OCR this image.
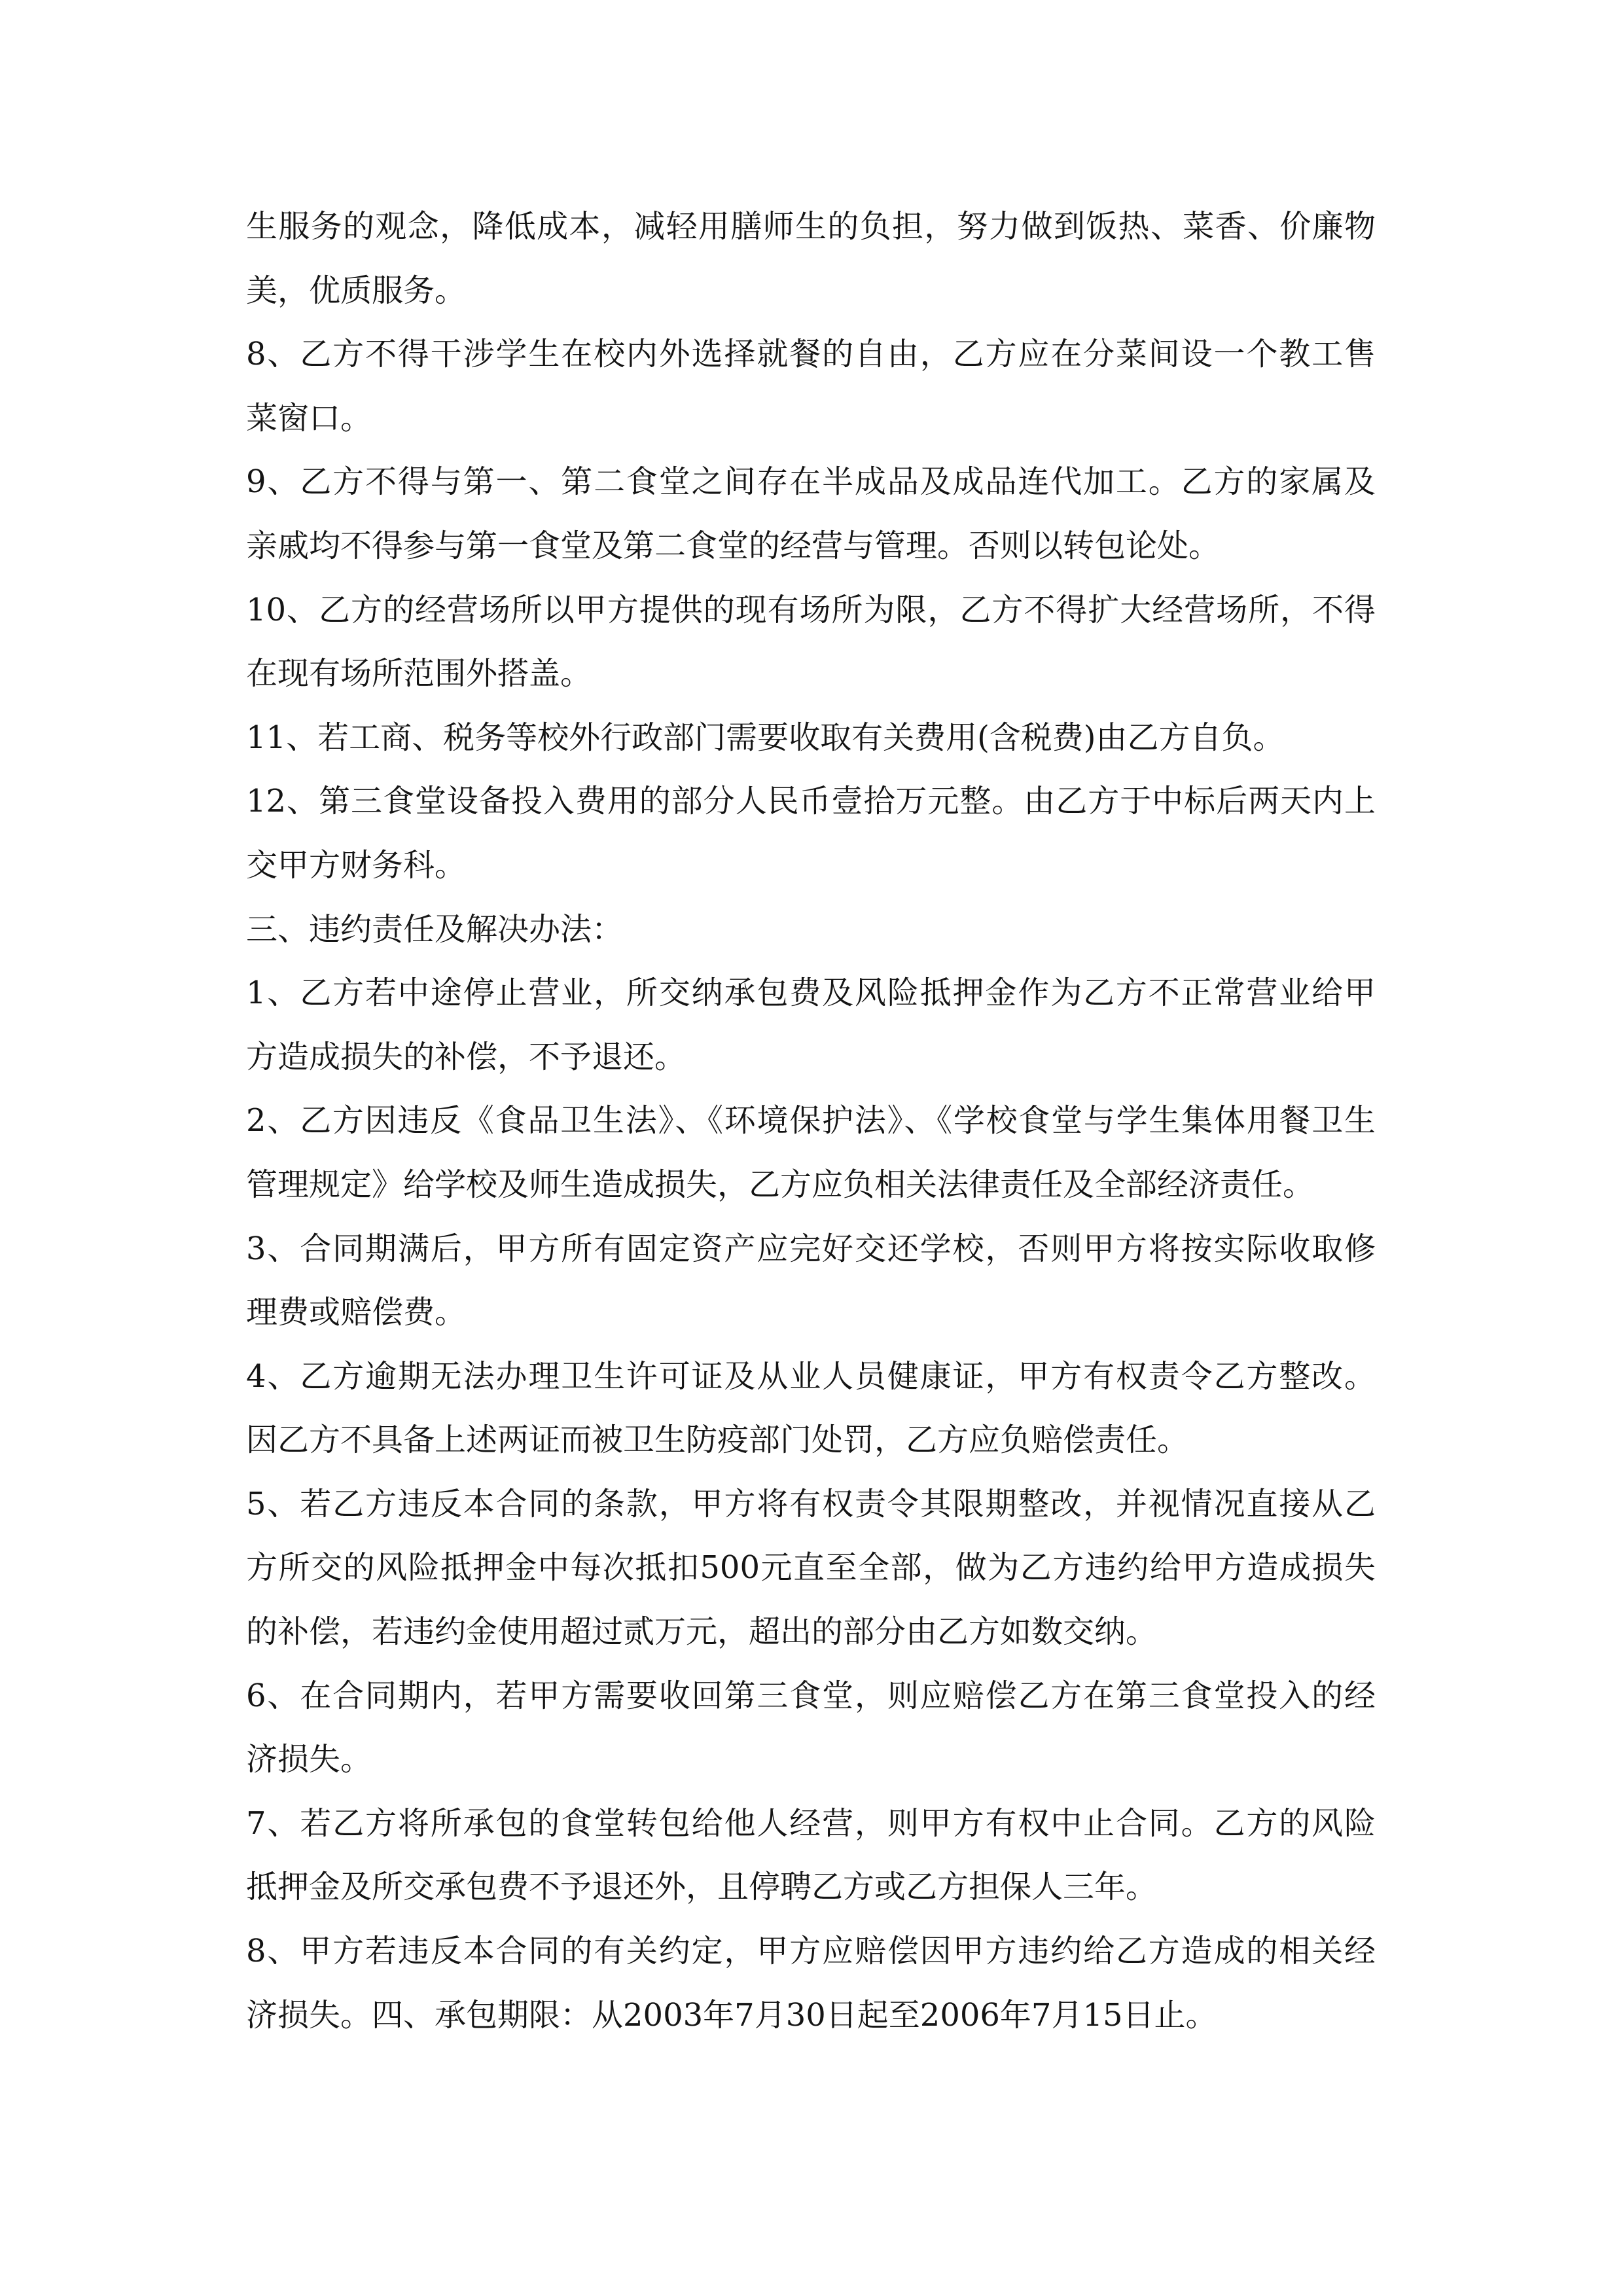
生服务的观念，降低成本，减轻用膳师生的负担，努力做到饭热、菜香、价廉物
美，优质服务。
8、乙方不得干涉学生在校内外选择就餐的自由，乙方应在分菜间设一个教工售
菜窗口。
9、乙方不得与第一、第二食堂之间存在半成品及成品连代加工。乙方的家属及
亲戚均不得参与第一食堂及第二食堂的经营与管理。否则以转包论处。
10、乙方的经营场所以甲方提供的现有场所为限，乙方不得扩大经营场所，不得
在现有场所范围外搭盖。
11、若工商、税务等校外行政部门需要收取有关费用(含税费)由乙方自负。
12、第三食堂设备投入费用的部分人民币壹拾万元整。由乙方于中标后两天内上
交甲方财务科。
三、违约责任及解决办法：
1、乙方若中途停止营业，所交纳承包费及风险抵押金作为乙方不正常营业给甲
方造成损失的补偿，不予退还。
2、乙方因违反《食品卫生法》、《环境保护法》、《学校食堂与学生集体用餐卫生
管理规定》给学校及师生造成损失，乙方应负相关法律责任及全部经济责任。
3、合同期满后，甲方所有固定资产应完好交还学校，否则甲方将按实际收取修
理费或赔偿费。
4、乙方逾期无法办理卫生许可证及从业人员健康证，甲方有权责令乙方整改。
因乙方不具备上述两证而被卫生防疫部门处罚，乙方应负赔偿责任。
5、若乙方违反本合同的条款，甲方将有权责令其限期整改，并视情况直接从乙
方所交的风险抵押金中每次抵扣500元直至全部，做为乙方违约给甲方造成损失
的补偿，若违约金使用超过贰万元，超出的部分由乙方如数交纳。
6、在合同期内，若甲方需要收回第三食堂，则应赔偿乙方在第三食堂投入的经
济损失。
7、若乙方将所承包的食堂转包给他人经营，则甲方有权中止合同。乙方的风险
抵押金及所交承包费不予退还外，且停聘乙方或乙方担保人三年。
8、甲方若违反本合同的有关约定，甲方应赔偿因甲方违约给乙方造成的相关经
济损失。四、承包期限：从2003年7月30日起至2006年7月15日止。
